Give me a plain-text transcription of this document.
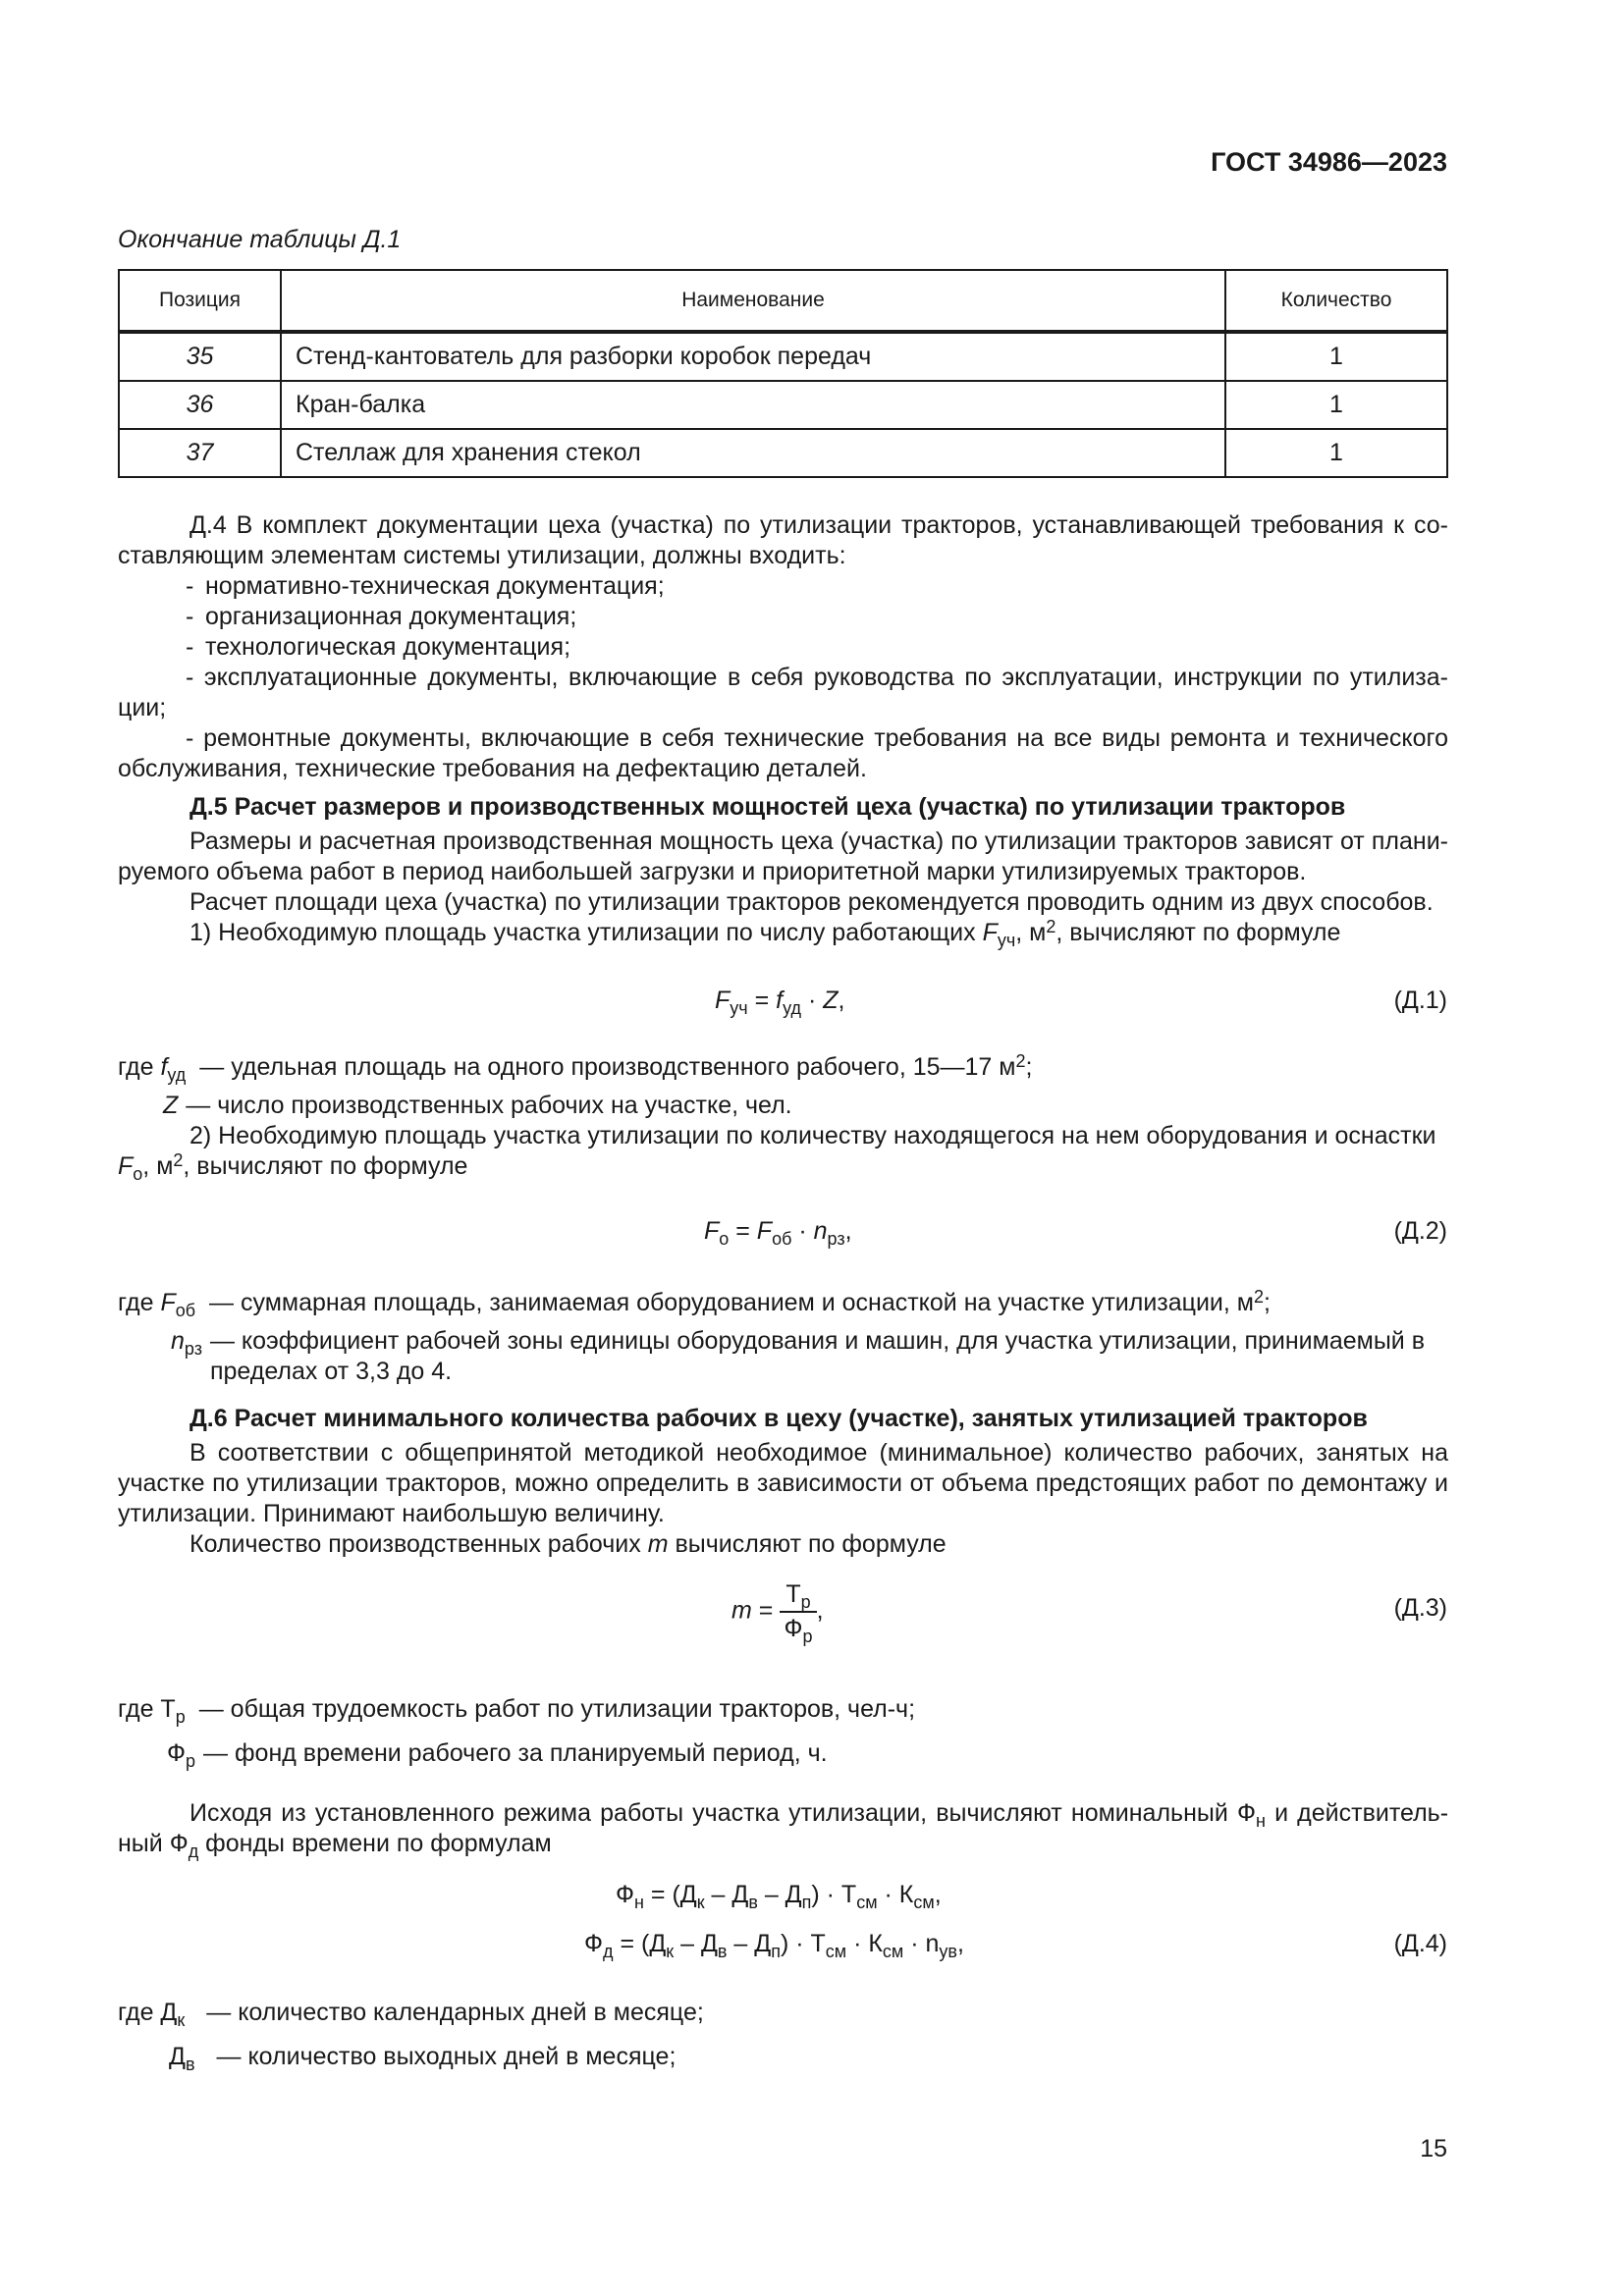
ГОСТ 34986—2023
Окончание таблицы Д.1
Позиция	Наименование	Количество
35	Стенд-кантователь для разборки коробок передач	1
36	Кран-балка	1
37	Стеллаж для хранения стекол	1

Д.4 В комплект документации цеха (участка) по утилизации тракторов, устанавливающей требования к составляющим элементам системы утилизации, должны входить:

- нормативно-техническая документация;

- организационная документация;

- технологическая документация;

- эксплуатационные документы, включающие в себя руководства по эксплуатации, инструкции по утилизации;

- ремонтные документы, включающие в себя технические требования на все виды ремонта и технического обслуживания, технические требования на дефектацию деталей.

Д.5 Расчет размеров и производственных мощностей цеха (участка) по утилизации тракторов

Размеры и расчетная производственная мощность цеха (участка) по утилизации тракторов зависят от планируемого объема работ в период наибольшей загрузки и приоритетной марки утилизируемых тракторов.

Расчет площади цеха (участка) по утилизации тракторов рекомендуется проводить одним из двух способов.

1) Необходимую площадь участка утилизации по числу работающих $F_{уч}$, $м^2$, вычисляют по формуле

$F_{уч} = f_{уд} \cdot Z$,	(Д.1)
где $f_{уд}$ — удельная площадь на одного производственного рабочего, 15—17 $м^2$;
Z — число производственных рабочих на участке, чел.

2) Необходимую площадь участка утилизации по количеству находящегося на нем оборудования и оснастки $F_о$, $м^2$, вычисляют по формуле

$F_о = F_{об} \cdot n_{рз}$,	(Д.2)
где $F_{об}$ — суммарная площадь, занимаемая оборудованием и оснасткой на участке утилизации, $м^2$;
$n_{рз}$ — коэффициент рабочей зоны единицы оборудования и машин, для участка утилизации, принимаемый в пределах от 3,3 до 4.

Д.6 Расчет минимального количества рабочих в цеху (участке), занятых утилизацией тракторов

В соответствии с общепринятой методикой необходимое (минимальное) количество рабочих, занятых на участке по утилизации тракторов, можно определить в зависимости от объема предстоящих работ по демонтажу и утилизации. Принимают наибольшую величину.

Количество производственных рабочих m вычисляют по формуле

$m = \frac{Т_р}{Ф_р}$ ,	(Д.3)
где $Т_р$ — общая трудоемкость работ по утилизации тракторов, чел-ч;
$Ф_р$ — фонд времени рабочего за планируемый период, ч.

Исходя из установленного режима работы участка утилизации, вычисляют номинальный $Ф_н$ и действительный $Ф_д$ фонды времени по формулам

$Ф_н = (Д_к - Д_в - Д_п) \cdot Т_{см} \cdot К_{см}$,
$Ф_д = (Д_к - Д_в - Д_п) \cdot Т_{см} \cdot К_{см} \cdot n_{ув}$,	(Д.4)
где $Д_к$ — количество календарных дней в месяце;
$Д_в$ — количество выходных дней в месяце;
15
